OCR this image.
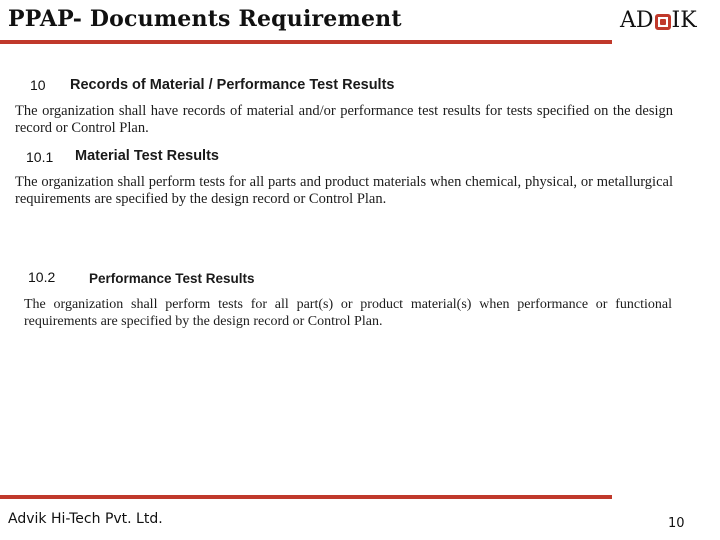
PPAP- Documents Requirement	AD IK
10 Records of Material / Performance Test Results
The organization shall have records of material and/or performance test results for tests specified on the design record or Control Plan.
10.1 Material Test Results
The organization shall perform tests for all parts and product materials when chemical, physical, or metallurgical requirements are specified by the design record or Control Plan.
10.2	Performance Test Results
The organization shall perform tests for all part(s) or product material(s) when performance or functional requirements are specified by the design record or Control Plan.
Advik Hi-Tech Pvt. Ltd.	10
